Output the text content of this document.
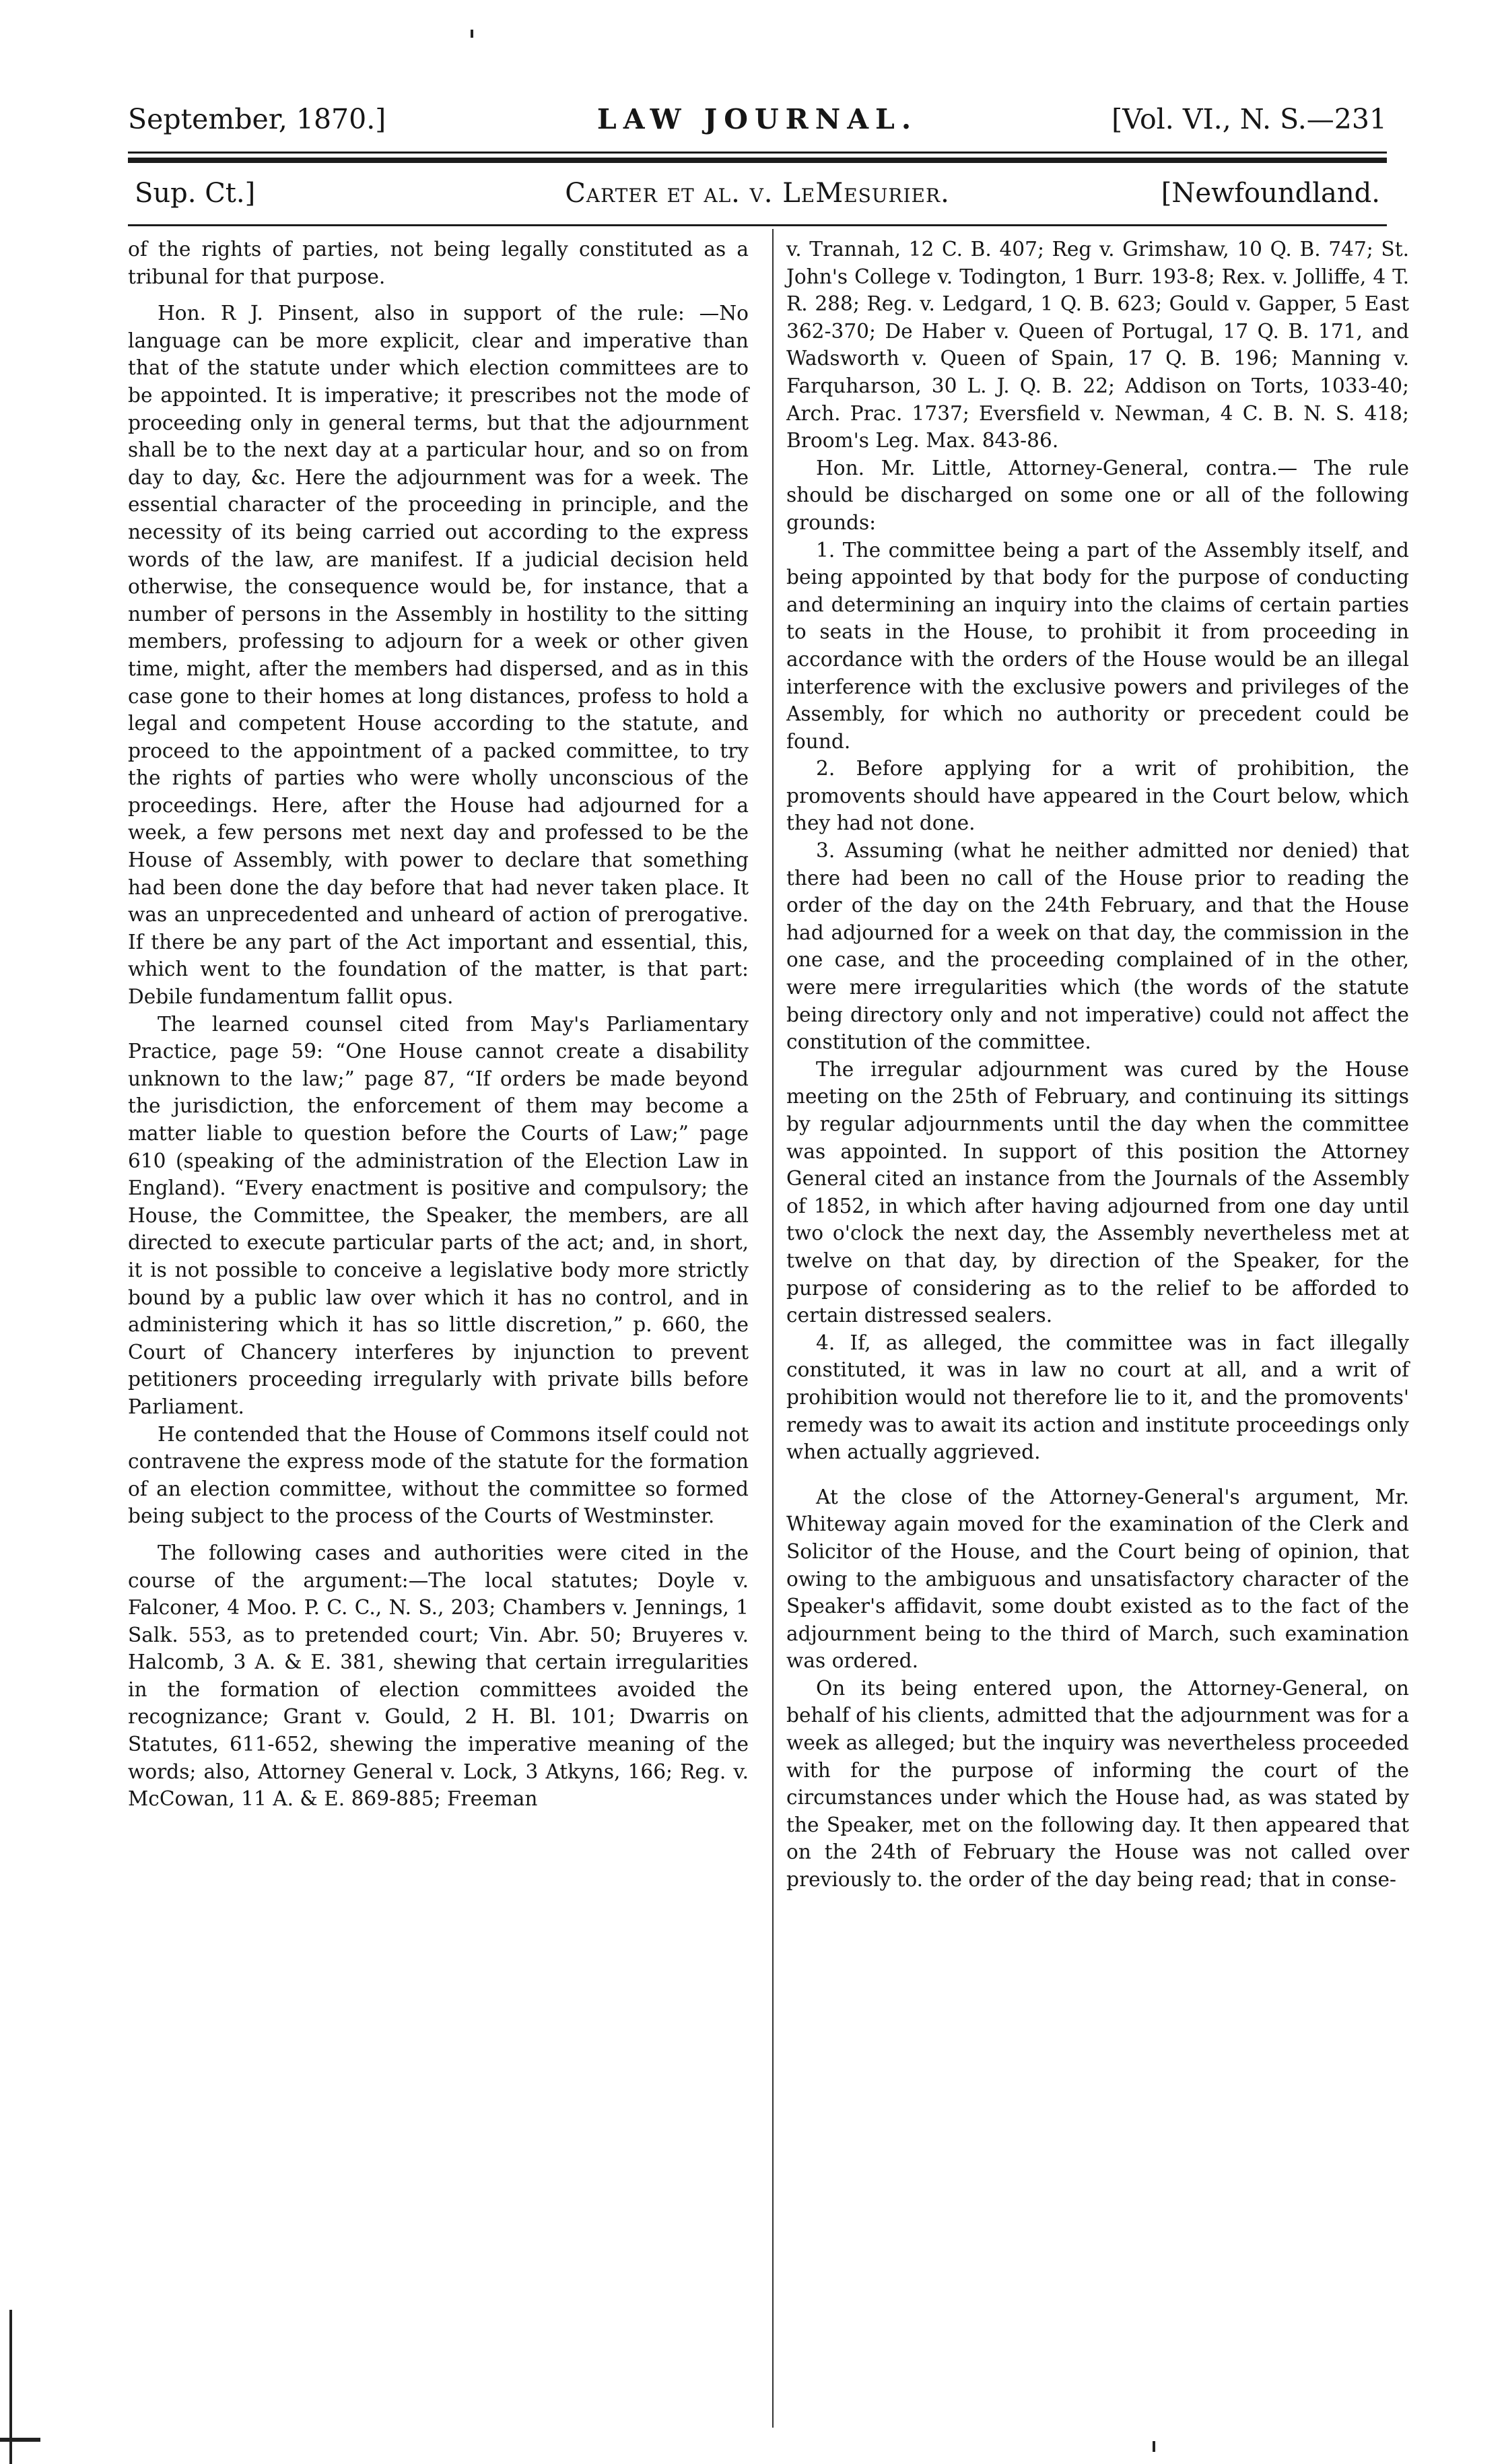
September, 1870.]	LAW JOURNAL.	[Vol. VI., N. S.—231
Sup. Ct.]	Carter et al. v. LeMesurier.	[Newfoundland.

of the rights of parties, not being legally constituted as a tribunal for that purpose.

Hon. R J. Pinsent, also in support of the rule: —No language can be more explicit, clear and imperative than that of the statute under which election committees are to be appointed. It is imperative; it prescribes not the mode of proceeding only in general terms, but that the adjournment shall be to the next day at a particular hour, and so on from day to day, &c. Here the adjournment was for a week. The essential character of the proceeding in principle, and the necessity of its being carried out according to the express words of the law, are manifest. If a judicial decision held otherwise, the consequence would be, for instance, that a number of persons in the Assembly in hostility to the sitting members, professing to adjourn for a week or other given time, might, after the members had dispersed, and as in this case gone to their homes at long distances, profess to hold a legal and competent House according to the statute, and proceed to the appointment of a packed committee, to try the rights of parties who were wholly unconscious of the proceedings. Here, after the House had adjourned for a week, a few persons met next day and professed to be the House of Assembly, with power to declare that something had been done the day before that had never taken place. It was an unprecedented and unheard of action of prerogative. If there be any part of the Act important and essential, this, which went to the foundation of the matter, is that part: Debile fundamentum fallit opus.

The learned counsel cited from May's Parliamentary Practice, page 59: “One House cannot create a disability unknown to the law;” page 87, “If orders be made beyond the jurisdiction, the enforcement of them may become a matter liable to question before the Courts of Law;” page 610 (speaking of the administration of the Election Law in England). “Every enactment is positive and compulsory; the House, the Committee, the Speaker, the members, are all directed to execute particular parts of the act; and, in short, it is not possible to conceive a legislative body more strictly bound by a public law over which it has no control, and in administering which it has so little discretion,” p. 660, the Court of Chancery interferes by injunction to prevent petitioners proceeding irregularly with private bills before Parliament.

He contended that the House of Commons itself could not contravene the express mode of the statute for the formation of an election committee, without the committee so formed being subject to the process of the Courts of Westminster.

The following cases and authorities were cited in the course of the argument:—The local statutes; Doyle v. Falconer, 4 Moo. P. C. C., N. S., 203; Chambers v. Jennings, 1 Salk. 553, as to pretended court; Vin. Abr. 50; Bruyeres v. Halcomb, 3 A. & E. 381, shewing that certain irregularities in the formation of election committees avoided the recognizance; Grant v. Gould, 2 H. Bl. 101; Dwarris on Statutes, 611-652, shewing the imperative meaning of the words; also, Attorney General v. Lock, 3 Atkyns, 166; Reg. v. McCowan, 11 A. & E. 869-885; Freeman

v. Trannah, 12 C. B. 407; Reg v. Grimshaw, 10 Q. B. 747; St. John's College v. Todington, 1 Burr. 193-8; Rex. v. Jolliffe, 4 T. R. 288; Reg. v. Ledgard, 1 Q. B. 623; Gould v. Gapper, 5 East 362-370; De Haber v. Queen of Portugal, 17 Q. B. 171, and Wadsworth v. Queen of Spain, 17 Q. B. 196; Manning v. Farquharson, 30 L. J. Q. B. 22; Addison on Torts, 1033-40; Arch. Prac. 1737; Eversfield v. Newman, 4 C. B. N. S. 418; Broom's Leg. Max. 843-86.

Hon. Mr. Little, Attorney-General, contra.— The rule should be discharged on some one or all of the following grounds:

1. The committee being a part of the Assembly itself, and being appointed by that body for the purpose of conducting and determining an inquiry into the claims of certain parties to seats in the House, to prohibit it from proceeding in accordance with the orders of the House would be an illegal interference with the exclusive powers and privileges of the Assembly, for which no authority or precedent could be found.

2. Before applying for a writ of prohibition, the promovents should have appeared in the Court below, which they had not done.

3. Assuming (what he neither admitted nor denied) that there had been no call of the House prior to reading the order of the day on the 24th February, and that the House had adjourned for a week on that day, the commission in the one case, and the proceeding complained of in the other, were mere irregularities which (the words of the statute being directory only and not imperative) could not affect the constitution of the committee.

The irregular adjournment was cured by the House meeting on the 25th of February, and continuing its sittings by regular adjournments until the day when the committee was appointed. In support of this position the Attorney General cited an instance from the Journals of the Assembly of 1852, in which after having adjourned from one day until two o'clock the next day, the Assembly nevertheless met at twelve on that day, by direction of the Speaker, for the purpose of considering as to the relief to be afforded to certain distressed sealers.

4. If, as alleged, the committee was in fact illegally constituted, it was in law no court at all, and a writ of prohibition would not therefore lie to it, and the promovents' remedy was to await its action and institute proceedings only when actually aggrieved.

At the close of the Attorney-General's argument, Mr. Whiteway again moved for the examination of the Clerk and Solicitor of the House, and the Court being of opinion, that owing to the ambiguous and unsatisfactory character of the Speaker's affidavit, some doubt existed as to the fact of the adjournment being to the third of March, such examination was ordered.

On its being entered upon, the Attorney-General, on behalf of his clients, admitted that the adjournment was for a week as alleged; but the inquiry was nevertheless proceeded with for the purpose of informing the court of the circumstances under which the House had, as was stated by the Speaker, met on the following day. It then appeared that on the 24th of February the House was not called over previously to. the order of the day being read; that in conse-
